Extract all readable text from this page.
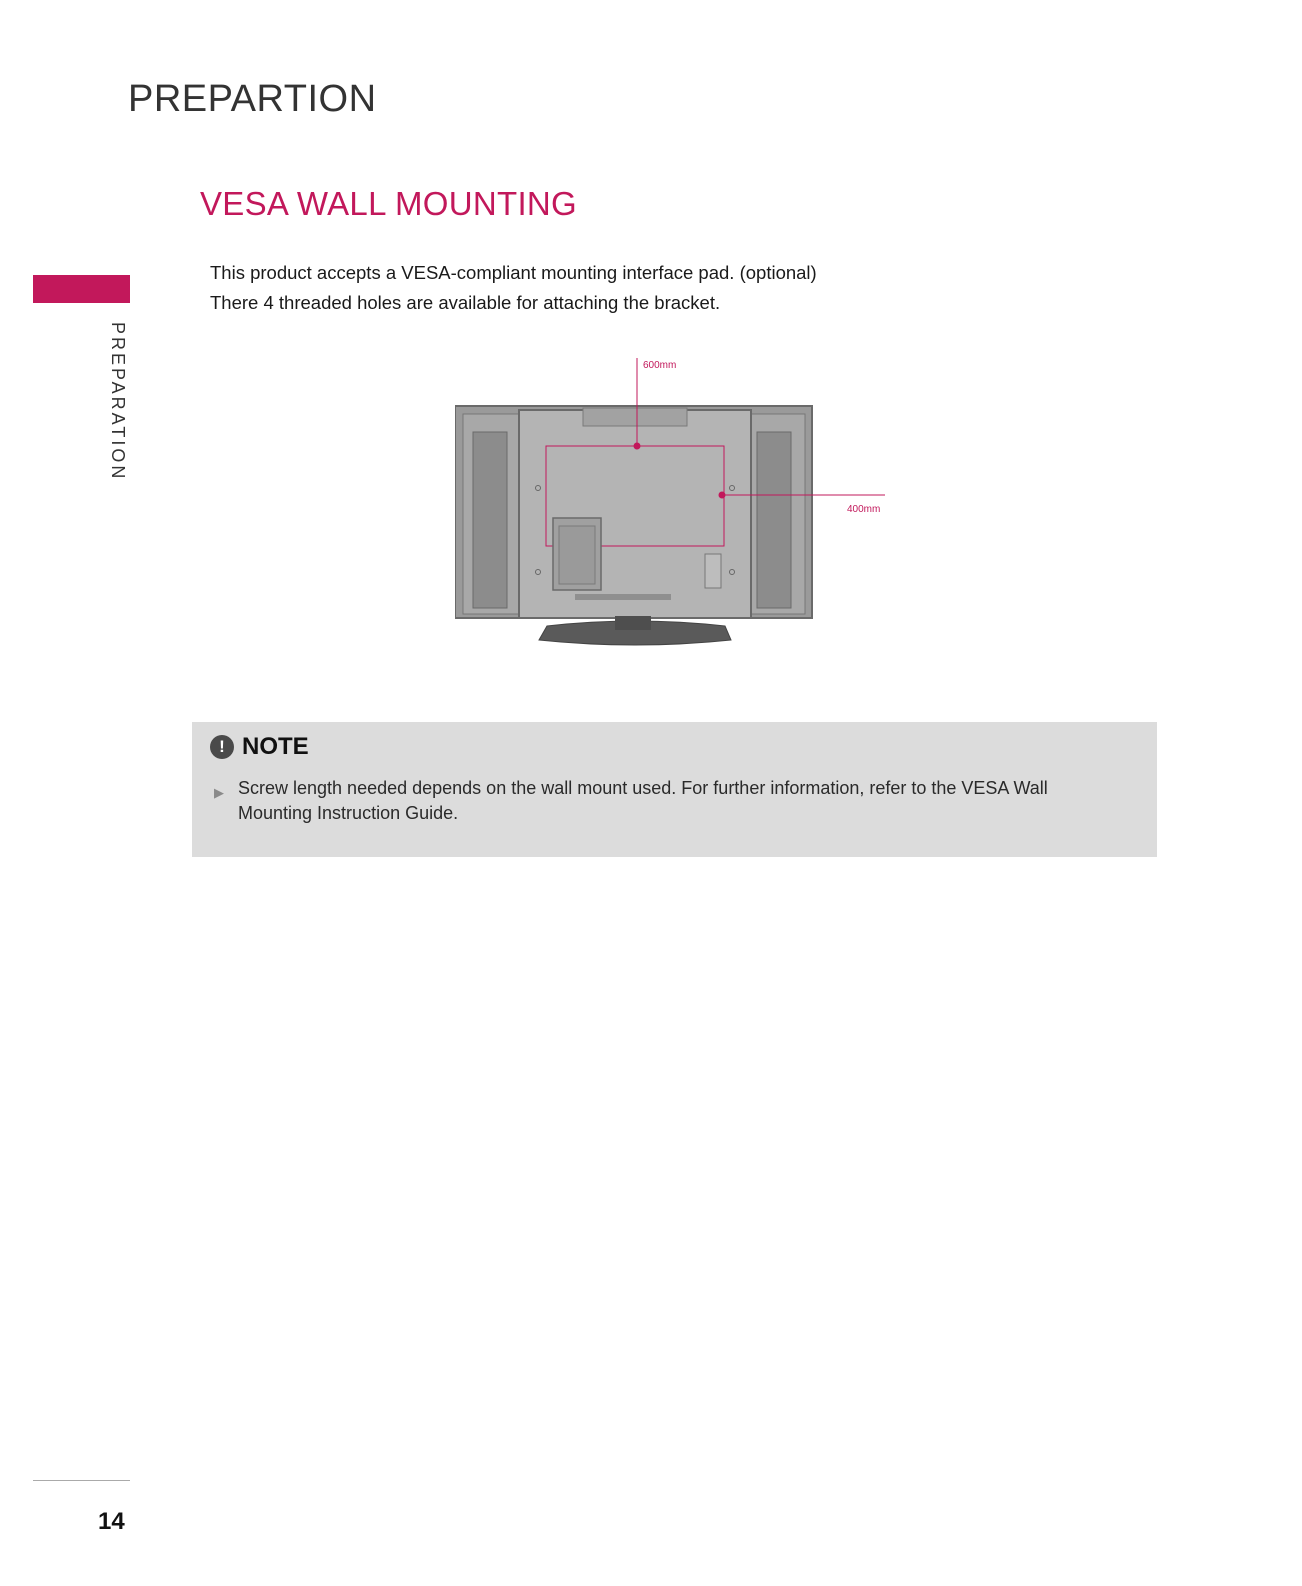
PREPARTION
PREPARATION
VESA WALL MOUNTING

This product accepts a VESA-compliant mounting interface pad. (optional)

There 4 threaded holes are available for attaching the bracket.

600mm
400mm
! NOTE
▶ Screw length needed depends on the wall mount used. For further information, refer to the VESA Wall Mounting Instruction Guide.
14
